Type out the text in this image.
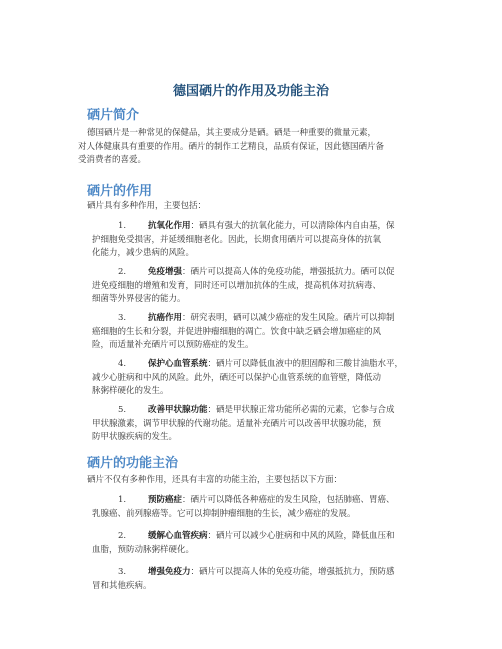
德国硒片的作用及功能主治
硒片简介
德国硒片是一种常见的保健品，其主要成分是硒。硒是一种重要的微量元素，
对人体健康具有重要的作用。硒片的制作工艺精良，品质有保证，因此德国硒片备
受消费者的喜爱。
硒片的作用
硒片具有多种作用，主要包括：
1.	抗氧化作用：硒具有强大的抗氧化能力，可以清除体内自由基，保
护细胞免受损害，并延缓细胞老化。因此，长期食用硒片可以提高身体的抗氧
化能力，减少患病的风险。
2.	免疫增强：硒片可以提高人体的免疫功能，增强抵抗力。硒可以促
进免疫细胞的增殖和发育，同时还可以增加抗体的生成，提高机体对抗病毒、
细菌等外界侵害的能力。
3.	抗癌作用：研究表明，硒可以减少癌症的发生风险。硒片可以抑制
癌细胞的生长和分裂，并促进肿瘤细胞的凋亡。饮食中缺乏硒会增加癌症的风
险，而适量补充硒片可以预防癌症的发生。
4.	保护心血管系统：硒片可以降低血液中的胆固醇和三酸甘油脂水平，
减少心脏病和中风的风险。此外，硒还可以保护心血管系统的血管壁，降低动
脉粥样硬化的发生。
5.	改善甲状腺功能：硒是甲状腺正常功能所必需的元素，它参与合成
甲状腺激素，调节甲状腺的代谢功能。适量补充硒片可以改善甲状腺功能，预
防甲状腺疾病的发生。
硒片的功能主治
硒片不仅有多种作用，还具有丰富的功能主治，主要包括以下方面：
1.	预防癌症：硒片可以降低各种癌症的发生风险，包括肺癌、胃癌、
乳腺癌、前列腺癌等。它可以抑制肿瘤细胞的生长，减少癌症的发展。
2.	缓解心血管疾病：硒片可以减少心脏病和中风的风险，降低血压和
血脂，预防动脉粥样硬化。
3.	增强免疫力：硒片可以提高人体的免疫功能，增强抵抗力，预防感
冒和其他疾病。
